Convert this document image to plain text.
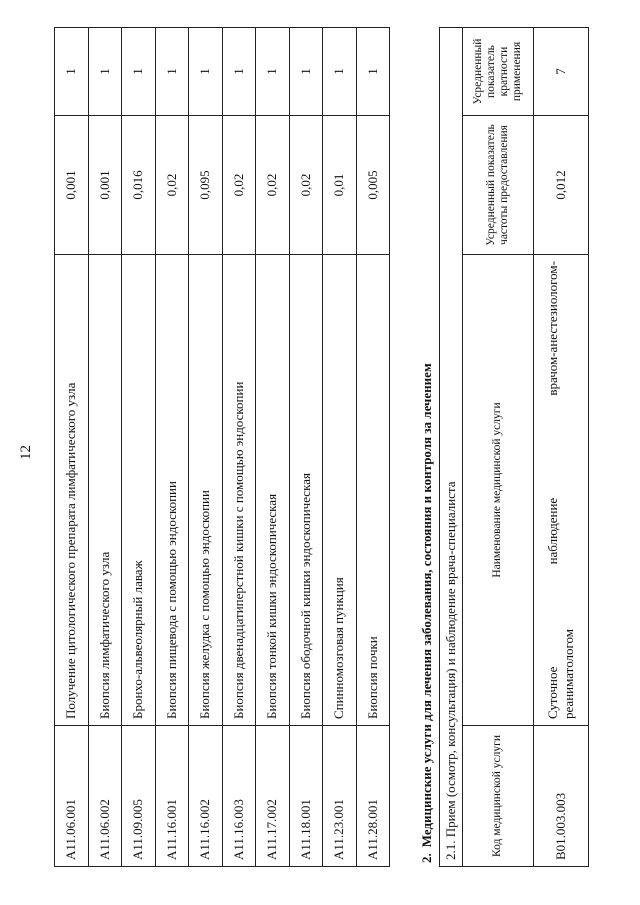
12
A11.06.001	Получение цитологического препарата лимфатического узла	0,001	1
A11.06.002	Биопсия лимфатического узла	0,001	1
A11.09.005	Бронхо-альвеолярный лаваж	0,016	1
A11.16.001	Биопсия пищевода с помощью эндоскопии	0,02	1
A11.16.002	Биопсия желудка с помощью эндоскопии	0,095	1
A11.16.003	Биопсия двенадцатиперстной кишки с помощью эндоскопии	0,02	1
A11.17.002	Биопсия тонкой кишки эндоскопическая	0,02	1
A11.18.001	Биопсия ободочной кишки эндоскопическая	0,02	1
A11.23.001	Спинномозговая пункция	0,01	1
A11.28.001	Биопсия почки	0,005	1
2.Медицинские услуги для лечения заболевания, состояния и контроля за лечением 2.1. Прием (осмотр, консультация) и наблюдение врача-специалиста			
Код медицинской услуги	Наименование медицинской услуги	Усредненный показатель частоты предоставления	Усредненный показатель кратности применения
B01.003.003	Суточное
наблюдение
врачом-анестезиологом-
реаниматологом	0,012	7
